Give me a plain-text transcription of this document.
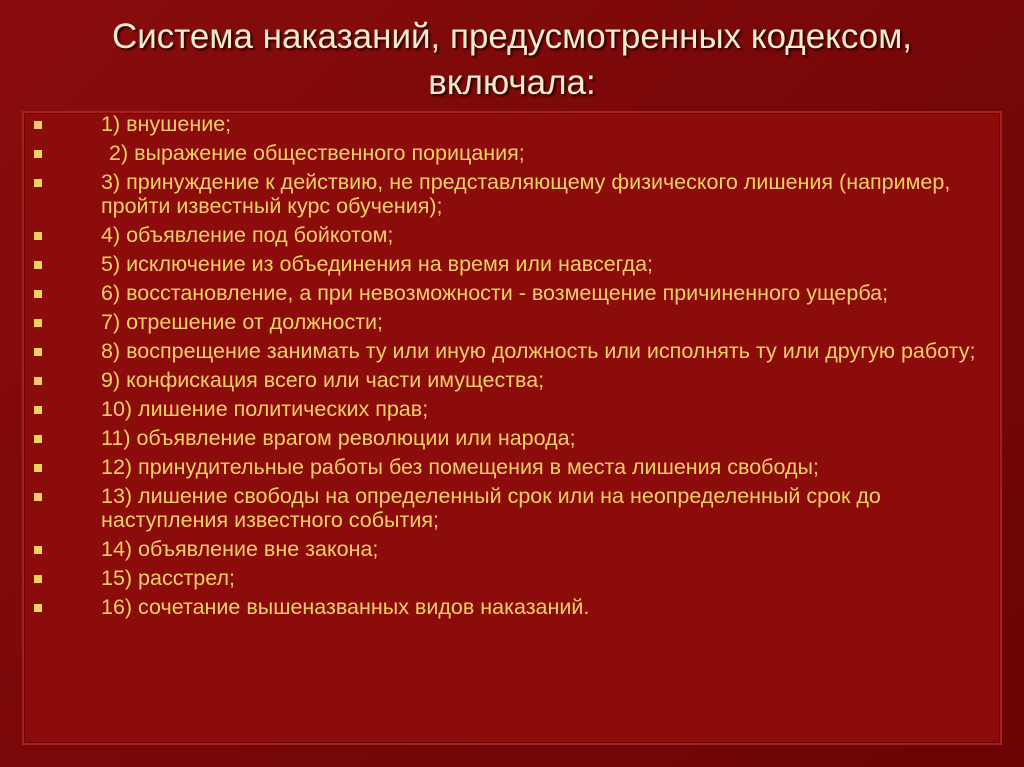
Система наказаний, предусмотренных кодексом,
включала:
1) внушение;
2) выражение общественного порицания;
3) принуждение к действию, не представляющему физического лишения (например, пройти известный курс обучения);
4) объявление под бойкотом;
5) исключение из объединения на время или навсегда;
6) восстановление, а при невозможности - возмещение причиненного ущерба;
7) отрешение от должности;
8) воспрещение занимать ту или иную должность или исполнять ту или другую работу;
9) конфискация всего или части имущества;
10) лишение политических прав;
11) объявление врагом революции или народа;
12) принудительные работы без помещения в места лишения свободы;
13) лишение свободы на определенный срок или на неопределенный срок до наступления известного события;
14) объявление вне закона;
15) расстрел;
16) сочетание вышеназванных видов наказаний.
